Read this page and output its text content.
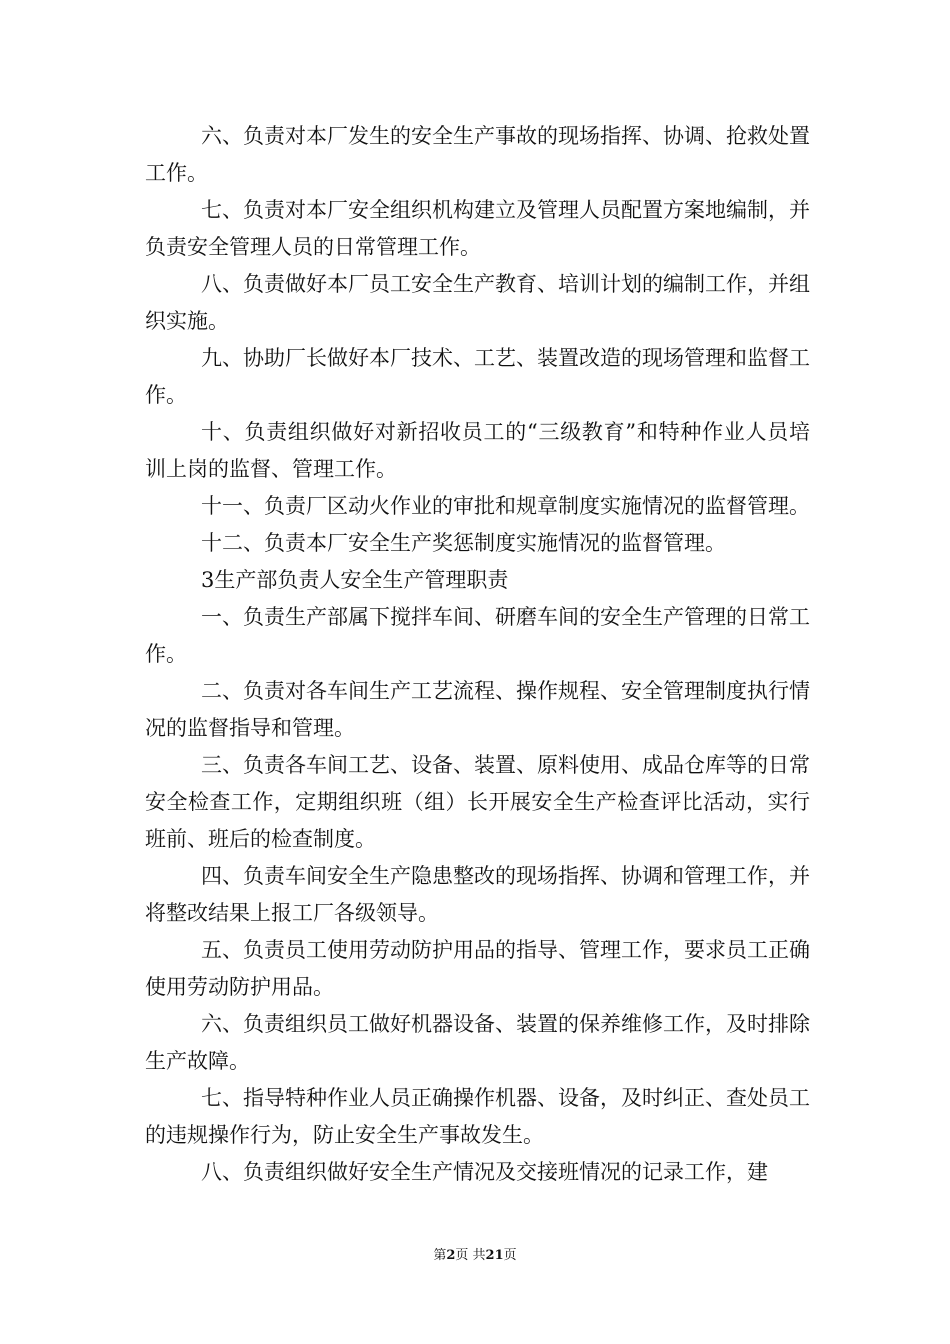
六、负责对本厂发生的安全生产事故的现场指挥、协调、抢救处置工作。

七、负责对本厂安全组织机构建立及管理人员配置方案地编制，并负责安全管理人员的日常管理工作。

八、负责做好本厂员工安全生产教育、培训计划的编制工作，并组织实施。

九、协助厂长做好本厂技术、工艺、装置改造的现场管理和监督工作。

十、负责组织做好对新招收员工的“三级教育”和特种作业人员培训上岗的监督、管理工作。

十一、负责厂区动火作业的审批和规章制度实施情况的监督管理。

十二、负责本厂安全生产奖惩制度实施情况的监督管理。

3生产部负责人安全生产管理职责

一、负责生产部属下搅拌车间、研磨车间的安全生产管理的日常工作。

二、负责对各车间生产工艺流程、操作规程、安全管理制度执行情况的监督指导和管理。

三、负责各车间工艺、设备、装置、原料使用、成品仓库等的日常安全检查工作，定期组织班（组）长开展安全生产检查评比活动，实行班前、班后的检查制度。

四、负责车间安全生产隐患整改的现场指挥、协调和管理工作，并将整改结果上报工厂各级领导。

五、负责员工使用劳动防护用品的指导、管理工作，要求员工正确使用劳动防护用品。

六、负责组织员工做好机器设备、装置的保养维修工作，及时排除生产故障。

七、指导特种作业人员正确操作机器、设备，及时纠正、查处员工的违规操作行为，防止安全生产事故发生。

八、负责组织做好安全生产情况及交接班情况的记录工作，建

第2页 共21页
